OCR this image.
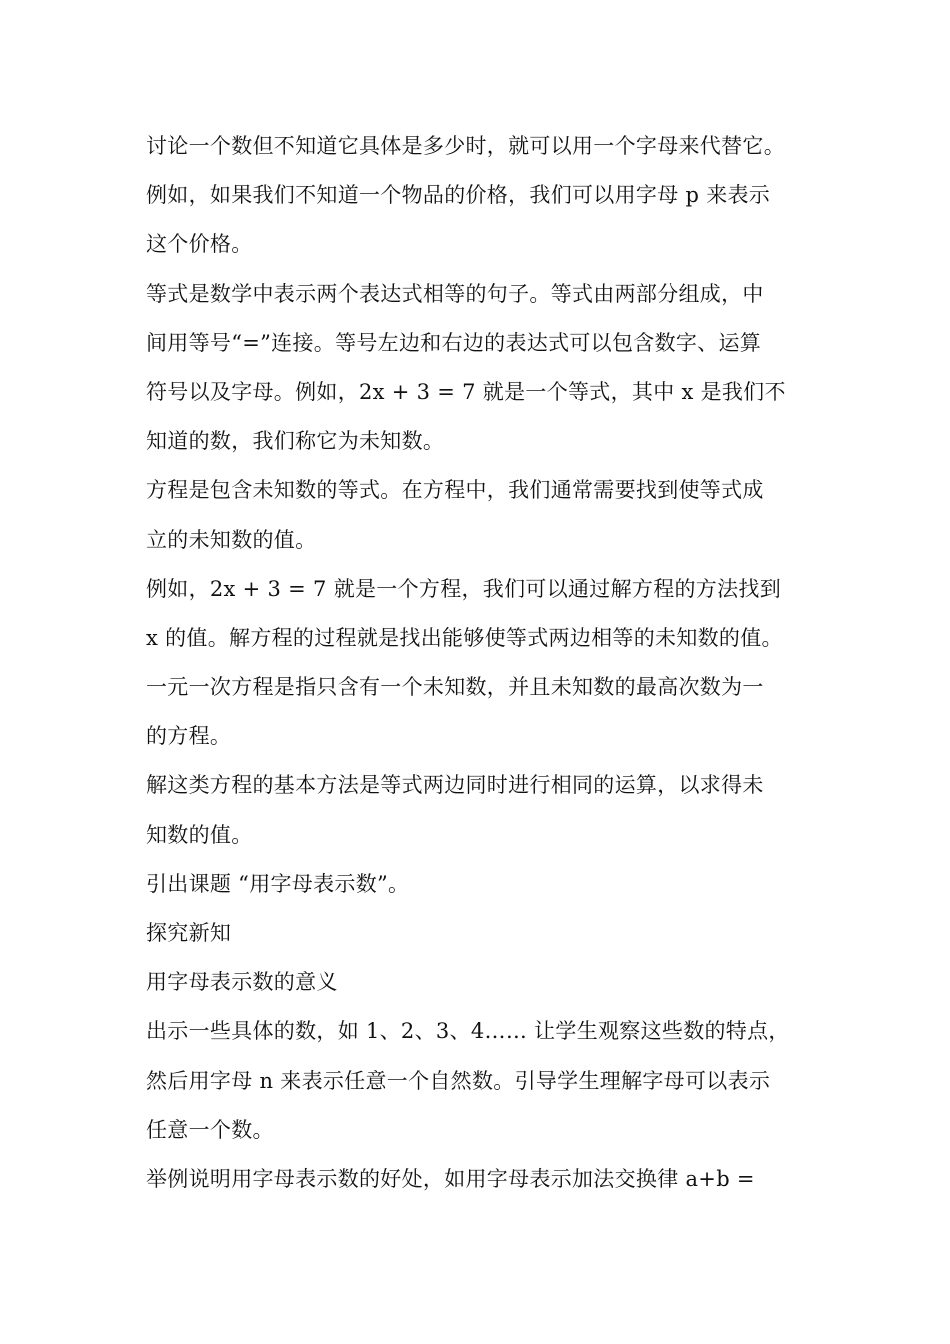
讨论一个数但不知道它具体是多少时，就可以用一个字母来代替它。
例如，如果我们不知道一个物品的价格，我们可以用字母 p 来表示
这个价格。
等式是数学中表示两个表达式相等的句子。等式由两部分组成，中
间用等号“=”连接。等号左边和右边的表达式可以包含数字、运算
符号以及字母。例如，2x + 3 = 7 就是一个等式，其中 x 是我们不
知道的数，我们称它为未知数。
方程是包含未知数的等式。在方程中，我们通常需要找到使等式成
立的未知数的值。
例如，2x + 3 = 7 就是一个方程，我们可以通过解方程的方法找到
x 的值。解方程的过程就是找出能够使等式两边相等的未知数的值。
一元一次方程是指只含有一个未知数，并且未知数的最高次数为一
的方程。
解这类方程的基本方法是等式两边同时进行相同的运算，以求得未
知数的值。
引出课题 “用字母表示数”。
探究新知
用字母表示数的意义
出示一些具体的数，如 1、2、3、4…… 让学生观察这些数的特点，
然后用字母 n 来表示任意一个自然数。引导学生理解字母可以表示
任意一个数。
举例说明用字母表示数的好处，如用字母表示加法交换律 a+b =
